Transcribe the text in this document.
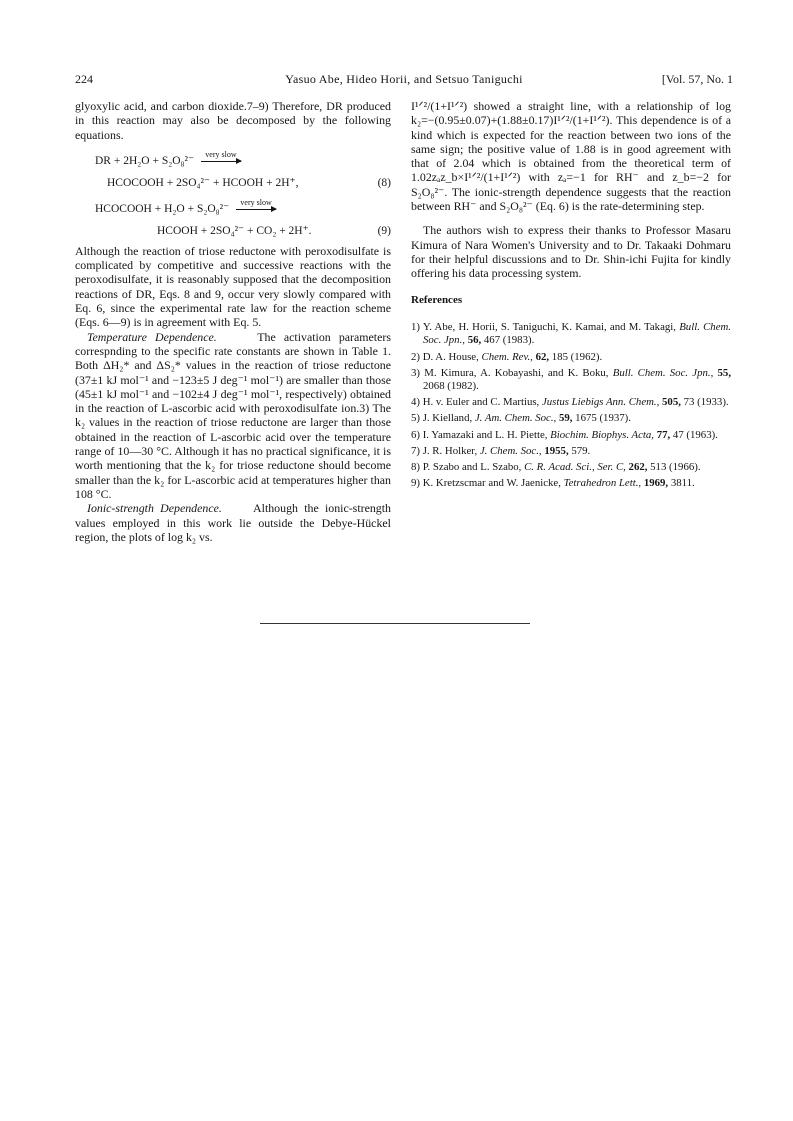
224	Yasuo Abe, Hideo Horii, and Setsuo Taniguchi	[Vol. 57, No. 1

glyoxylic acid, and carbon dioxide.7–9) Therefore, DR produced in this reaction may also be decomposed by the following equations.

DR + 2H₂O + S₂O₈²⁻
very slow
HCOCOOH + 2SO₄²⁻ + HCOOH + 2H⁺,	(8)
HCOCOOH + H₂O + S₂O₈²⁻
very slow
HCOOH + 2SO₄²⁻ + CO₂ + 2H⁺.	(9)

Although the reaction of triose reductone with peroxodisulfate is complicated by competitive and successive reactions with the peroxodisulfate, it is reasonably supposed that the decomposition reactions of DR, Eqs. 8 and 9, occur very slowly compared with Eq. 6, since the experimental rate law for the reaction scheme (Eqs. 6—9) is in agreement with Eq. 5.

Temperature Dependence.	The activation parameters correspnding to the specific rate constants are shown in Table 1. Both ΔH₂* and ΔS₂* values in the reaction of triose reductone (37±1 kJ mol⁻¹ and −123±5 J deg⁻¹ mol⁻¹) are smaller than those (45±1 kJ mol⁻¹ and −102±4 J deg⁻¹ mol⁻¹, respectively) obtained in the reaction of L-ascorbic acid with peroxodisulfate ion.3) The k₂ values in the reaction of triose reductone are larger than those obtained in the reaction of L-ascorbic acid over the temperature range of 10—30 °C. Although it has no practical significance, it is worth mentioning that the k₂ for triose reductone should become smaller than the k₂ for L-ascorbic acid at temperatures higher than 108 °C.

Ionic-strength Dependence.	Although the ionic-strength values employed in this work lie outside the Debye-Hückel region, the plots of log k₂ vs.

I¹ᐟ²/(1+I¹ᐟ²) showed a straight line, with a relationship of log k₂=−(0.95±0.07)+(1.88±0.17)I¹ᐟ²/(1+I¹ᐟ²). This dependence is of a kind which is expected for the reaction between two ions of the same sign; the positive value of 1.88 is in good agreement with that of 2.04 which is obtained from the theoretical term of 1.02zₐz_b×I¹ᐟ²/(1+I¹ᐟ²) with zₐ=−1 for RH⁻ and z_b=−2 for S₂O₈²⁻. The ionic-strength dependence suggests that the reaction between RH⁻ and S₂O₈²⁻ (Eq. 6) is the rate-determining step.

The authors wish to express their thanks to Professor Masaru Kimura of Nara Women's University and to Dr. Takaaki Dohmaru for their helpful discussions and to Dr. Shin-ichi Fujita for kindly offering his data processing system.

References

1) Y. Abe, H. Horii, S. Taniguchi, K. Kamai, and M. Takagi, Bull. Chem. Soc. Jpn., 56, 467 (1983).

2) D. A. House, Chem. Rev., 62, 185 (1962).

3) M. Kimura, A. Kobayashi, and K. Boku, Bull. Chem. Soc. Jpn., 55, 2068 (1982).

4) H. v. Euler and C. Martius, Justus Liebigs Ann. Chem., 505, 73 (1933).

5) J. Kielland, J. Am. Chem. Soc., 59, 1675 (1937).

6) I. Yamazaki and L. H. Piette, Biochim. Biophys. Acta, 77, 47 (1963).

7) J. R. Holker, J. Chem. Soc., 1955, 579.

8) P. Szabo and L. Szabo, C. R. Acad. Sci., Ser. C, 262, 513 (1966).

9) K. Kretzscmar and W. Jaenicke, Tetrahedron Lett., 1969, 3811.
